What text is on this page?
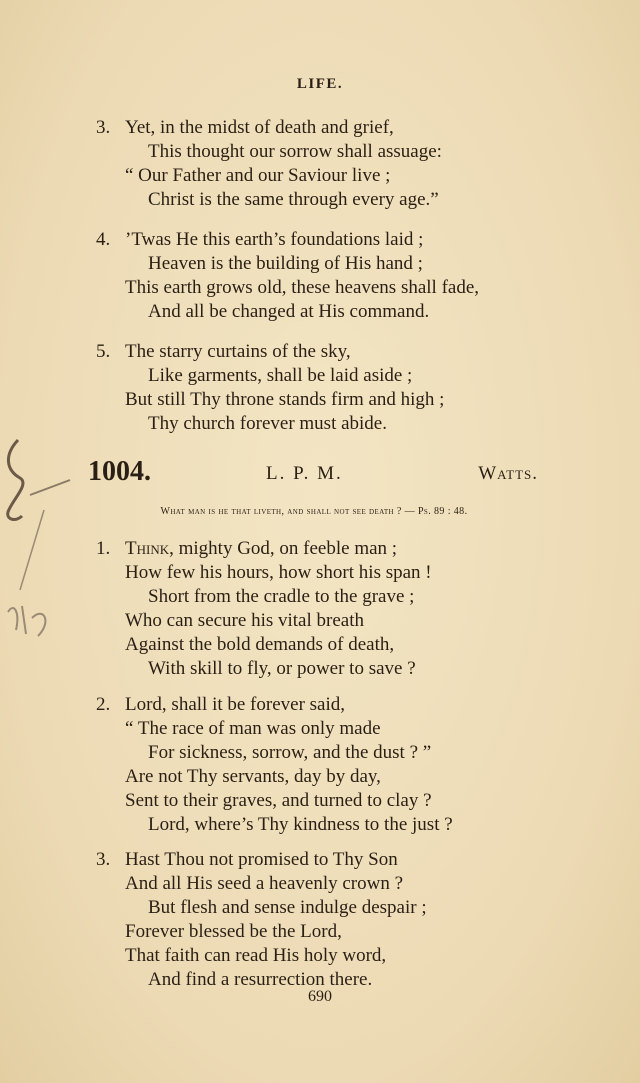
LIFE.
3. Yet, in the midst of death and grief,
This thought our sorrow shall assuage:
“ Our Father and our Saviour live ;
Christ is the same through every age.”
4. ’Twas He this earth’s foundations laid ;
Heaven is the building of His hand ;
This earth grows old, these heavens shall fade,
And all be changed at His command.
5. The starry curtains of the sky,
Like garments, shall be laid aside ;
But still Thy throne stands firm and high ;
Thy church forever must abide.
1004.	L. P. M.	Watts.
What man is he that liveth, and shall not see death ? — Ps. 89 : 48.
1. Think, mighty God, on feeble man ;
How few his hours, how short his span !
Short from the cradle to the grave ;
Who can secure his vital breath
Against the bold demands of death,
With skill to fly, or power to save ?
2. Lord, shall it be forever said,
“ The race of man was only made
For sickness, sorrow, and the dust ? ”
Are not Thy servants, day by day,
Sent to their graves, and turned to clay ?
Lord, where’s Thy kindness to the just ?
3. Hast Thou not promised to Thy Son
And all His seed a heavenly crown ?
But flesh and sense indulge despair ;
Forever blessed be the Lord,
That faith can read His holy word,
And find a resurrection there.
690
